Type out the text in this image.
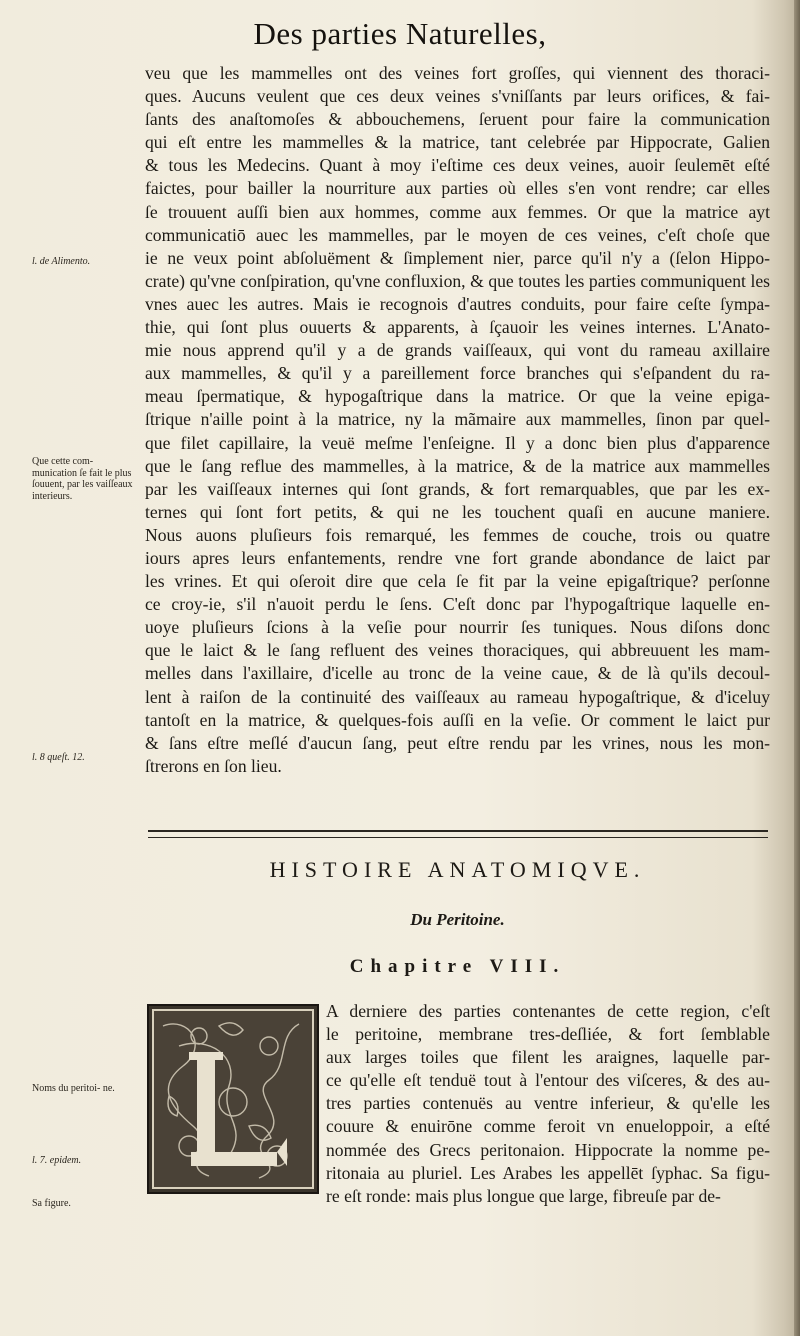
Des parties Naturelles,
veu que les mammelles ont des veines fort groſſes, qui viennent des thoraci-
ques. Aucuns veulent que ces deux veines s'vniſſants par leurs orifices, & fai-
ſants des anaſtomoſes & abbouchemens, ſeruent pour faire la communication
qui eſt entre les mammelles & la matrice, tant celebrée par Hippocrate, Galien
& tous les Medecins. Quant à moy i'eſtime ces deux veines, auoir ſeulemēt eſté
faictes, pour bailler la nourriture aux parties où elles s'en vont rendre; car elles
ſe trouuent auſſi bien aux hommes, comme aux femmes. Or que la matrice ayt
communicatiō auec les mammelles, par le moyen de ces veines, c'eſt choſe que
ie ne veux point abſoluëment & ſimplement nier, parce qu'il n'y a (ſelon Hippo-
crate) qu'vne conſpiration, qu'vne confluxion, & que toutes les parties communiquent les
vnes auec les autres. Mais ie recognois d'autres conduits, pour faire ceſte ſympa-
thie, qui ſont plus ouuerts & apparents, à ſçauoir les veines internes. L'Anato-
mie nous apprend qu'il y a de grands vaiſſeaux, qui vont du rameau axillaire
aux mammelles, & qu'il y a pareillement force branches qui s'eſpandent du ra-
meau ſpermatique, & hypogaſtrique dans la matrice. Or que la veine epiga-
ſtrique n'aille point à la matrice, ny la mãmaire aux mammelles, ſinon par quel-
que filet capillaire, la veuë meſme l'enſeigne. Il y a donc bien plus d'apparence
que le ſang reflue des mammelles, à la matrice, & de la matrice aux mammelles
par les vaiſſeaux internes qui ſont grands, & fort remarquables, que par les ex-
ternes qui ſont fort petits, & qui ne les touchent quaſi en aucune maniere.
Nous auons pluſieurs fois remarqué, les femmes de couche, trois ou quatre
iours apres leurs enfantements, rendre vne fort grande abondance de laict par
les vrines. Et qui oſeroit dire que cela ſe fit par la veine epigaſtrique? perſonne
ce croy-ie, s'il n'auoit perdu le ſens. C'eſt donc par l'hypogaſtrique laquelle en-
uoye pluſieurs ſcions à la veſie pour nourrir ſes tuniques. Nous diſons donc
que le laict & le ſang refluent des veines thoraciques, qui abbreuuent les mam-
melles dans l'axillaire, d'icelle au tronc de la veine caue, & de là qu'ils decoul-
lent à raiſon de la continuité des vaiſſeaux au rameau hypogaſtrique, & d'iceluy
tantoſt en la matrice, & quelques-fois auſſi en la veſie. Or comment le laict pur
& ſans eſtre meſlé d'aucun ſang, peut eſtre rendu par les vrines, nous les mon-
ſtrerons en ſon lieu.
l. de Alimento.
Que cette com- munication ſe fait le plus ſouuent, par les vaiſſeaux interieurs.
l. 8 queſt. 12.
Noms du peritoi- ne.
l. 7. epidem.
Sa figure.
HISTOIRE ANATOMIQVE.
Du Peritoine.
Chapitre VIII.
A derniere des parties contenantes de cette region, c'eſt
le peritoine, membrane tres-deſliée, & fort ſemblable
aux larges toiles que filent les araignes, laquelle par-
ce qu'elle eſt tenduë tout à l'entour des viſceres, & des au-
tres parties contenuës au ventre inferieur, & qu'elle les
couure & enuirōne comme feroit vn enueloppoir, a eſté
nommée des Grecs peritonaion. Hippocrate la nomme pe-
ritonaia au pluriel. Les Arabes les appellēt ſyphac. Sa figu-
re eſt ronde: mais plus longue que large, fibreuſe par de-
